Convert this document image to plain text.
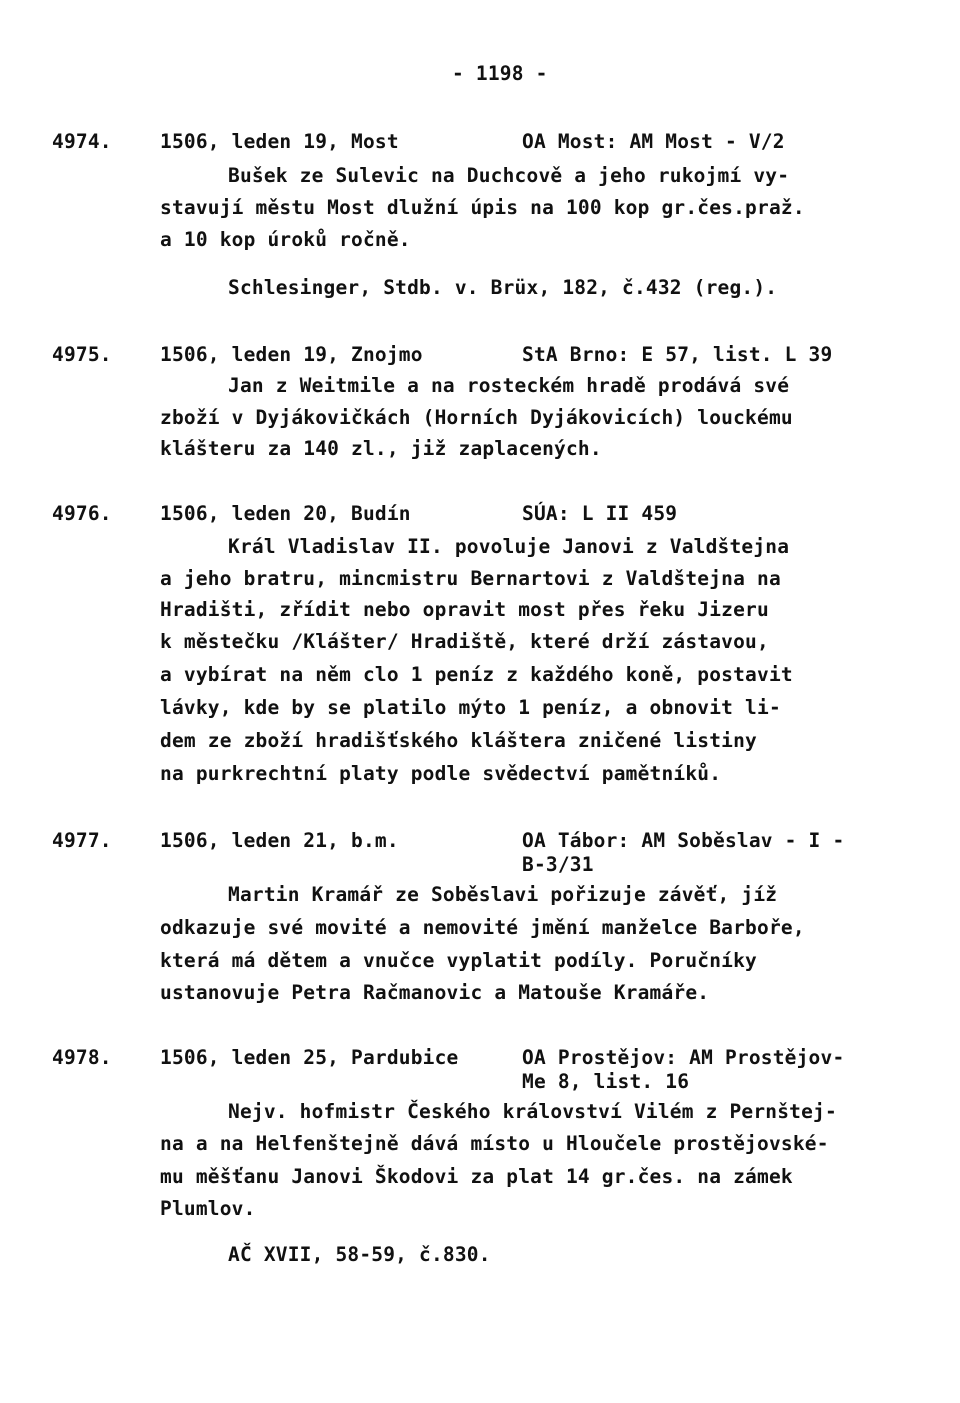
- 1198 -
4974. 1506, leden 19, Most	OA Most: AM Most - V/2
Bušek ze Sulevic na Duchcově a jeho rukojmí vy-
stavují městu Most dlužní úpis na 100 kop gr.čes.praž.
a 10 kop úroků ročně.
Schlesinger, Stdb. v. Brüx, 182, č.432 (reg.).
4975. 1506, leden 19, Znojmo	StA Brno: E 57, list. L 39
Jan z Weitmile a na rosteckém hradě prodává své
zboží v Dyjákovičkách (Horních Dyjákovicích) louckému
klášteru za 140 zl., již zaplacených.
4976. 1506, leden 20, Budín	SÚA: L II 459
Král Vladislav II. povoluje Janovi z Valdštejna
a jeho bratru, mincmistru Bernartovi z Valdštejna na
Hradišti, zřídit nebo opravit most přes řeku Jizeru
k městečku /Klášter/ Hradiště, které drží zástavou,
a vybírat na něm clo 1 peníz z každého koně, postavit
lávky, kde by se platilo mýto 1 peníz, a obnovit li-
dem ze zboží hradišťského kláštera zničené listiny
na purkrechtní platy podle svědectví pamětníků.
4977. 1506, leden 21, b.m.	OA Tábor: AM Soběslav - I -
B-3/31
Martin Kramář ze Soběslavi pořizuje závěť, jíž
odkazuje své movité a nemovité jmění manželce Barboře,
která má dětem a vnučce vyplatit podíly. Poručníky
ustanovuje Petra Račmanovic a Matouše Kramáře.
4978. 1506, leden 25, Pardubice	OA Prostějov: AM Prostějov-
Me 8, list. 16
Nejv. hofmistr Českého království Vilém z Pernštej-
na a na Helfenštejně dává místo u Hloučele prostějovské-
mu měšťanu Janovi Škodovi za plat 14 gr.čes. na zámek
Plumlov.
AČ XVII, 58-59, č.830.
